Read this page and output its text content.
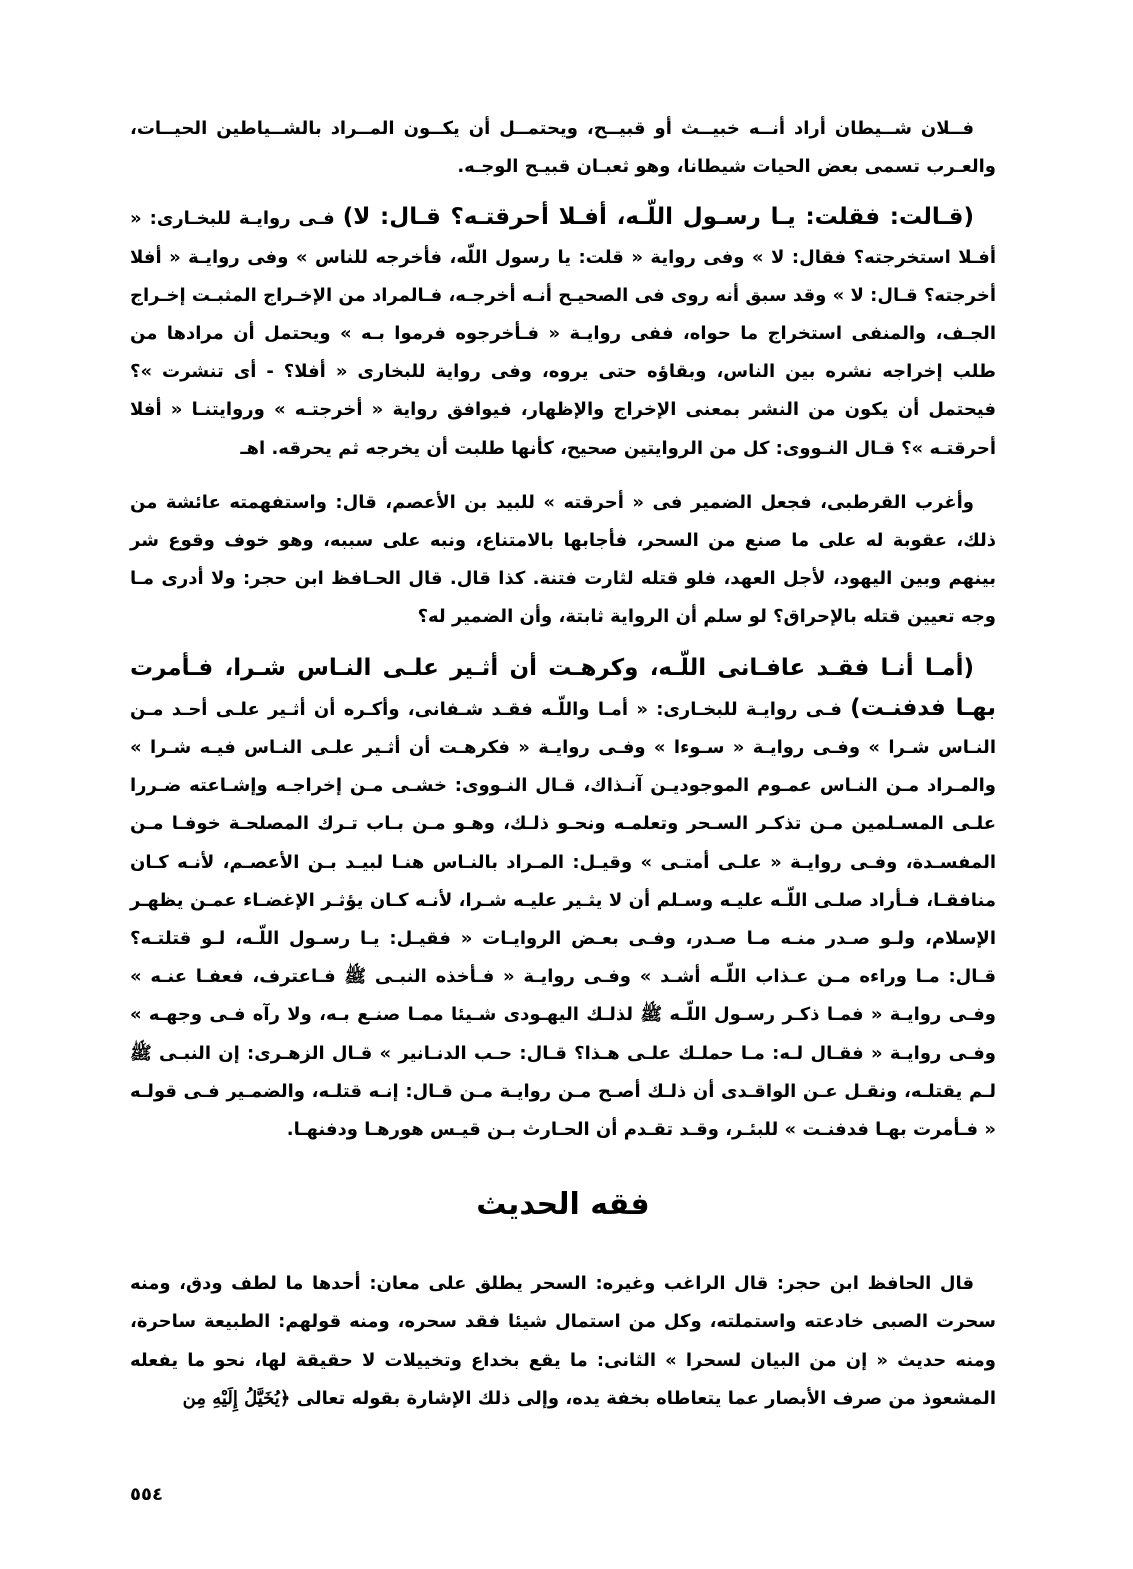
فــلان شــيطان أراد أنــه خبيــث أو قبيــح، ويحتمــل أن يكــون المــراد بالشــياطين الحيــات، والعـرب تسمى بعض الحيات شيطانا، وهو ثعبـان قبيـح الوجـه.

(قـالت: فقلت: يـا رسـول اللّـه، أفـلا أحرقتـه؟ قـال: لا) فـى روايـة للبخـارى: « أفـلا استخرجته؟ فقال: لا » وفى رواية « قلت: يا رسول اللّه، فأخرجه للناس » وفى روايـة « أفلا أخرجته؟ قـال: لا » وقد سبق أنه روى فى الصحيـح أنـه أخرجـه، فـالمراد من الإخـراج المثبـت إخـراج الجـف، والمنفى استخراج ما حواه، ففى روايـة « فـأخرجوه فرموا بـه » ويحتمل أن مرادها من طلب إخراجه نشره بين الناس، وبقاؤه حتى يروه، وفى رواية للبخارى « أفلا؟ - أى تنشرت »؟ فيحتمل أن يكون من النشر بمعنى الإخراج والإظهار، فيوافق رواية « أخرجتـه » وروايتنـا « أفلا أحرقتـه »؟ قـال النـووى: كل من الروايتين صحيح، كأنها طلبت أن يخرجه ثم يحرقه. اهـ

وأغرب القرطبى، فجعل الضمير فى « أحرقته » للبيد بن الأعصم، قال: واستفهمته عائشة من ذلك، عقوبة له على ما صنع من السحر، فأجابها بالامتناع، ونبه على سببه، وهو خوف وقوع شر بينهم وبين اليهود، لأجل العهد، فلو قتله لثارت فتنة. كذا قال. قال الحـافظ ابن حجر: ولا أدرى مـا وجه تعيين قتله بالإحراق؟ لو سلم أن الرواية ثابتة، وأن الضمير له؟

(أمـا أنـا فقـد عافـانى اللّـه، وكرهـت أن أثـير علـى النـاس شـرا، فـأمرت بهـا فدفنـت) فـى روايـة للبخـارى: « أمـا واللّـه فقـد شـفانى، وأكـره أن أثـير علـى أحـد مـن النـاس شـرا » وفـى روايـة « سـوءا » وفـى روايـة « فكرهـت أن أثـير علـى النـاس فيـه شـرا » والمـراد مـن النـاس عمـوم الموجوديـن آنـذاك، قـال النـووى: خشـى مـن إخراجـه وإشـاعته ضـررا علـى المسـلمين مـن تذكـر السـحر وتعلمـه ونحـو ذلـك، وهـو مـن بـاب تـرك المصلحـة خوفـا مـن المفسـدة، وفـى روايـة « علـى أمتـى » وقيـل: المـراد بالنـاس هنـا لبيـد بـن الأعصـم، لأنـه كـان منافقـا، فـأراد صلـى اللّـه عليـه وسـلم أن لا يثـير عليـه شـرا، لأنـه كـان يؤثـر الإغضـاء عمـن يظهـر الإسلام، ولـو صـدر منـه مـا صـدر، وفـى بعـض الروايـات « فقيـل: يـا رسـول اللّـه، لـو قتلتـه؟ قـال: مـا وراءه مـن عـذاب اللّـه أشـد » وفـى روايـة « فـأخذه النبـى ﷺ فـاعترف، فعفـا عنـه » وفـى روايـة « فمـا ذكـر رسـول اللّـه ﷺ لذلـك اليهـودى شـيئا ممـا صنـع بـه، ولا رآه فـى وجهـه » وفـى روايـة « فقـال لـه: مـا حملـك علـى هـذا؟ قـال: حـب الدنـانير » قـال الزهـرى: إن النبـى ﷺ لـم يقتلـه، ونقـل عـن الواقـدى أن ذلـك أصـح مـن روايـة مـن قـال: إنـه قتلـه، والضمـير فـى قولـه « فـأمرت بهـا فدفنـت » للبئـر، وقـد تقـدم أن الحـارث بـن قيـس هورهـا ودفنهـا.

فقه الحديث

قال الحافظ ابن حجر: قال الراغب وغيره: السحر يطلق على معان: أحدها ما لطف ودق، ومنه سحرت الصبى خادعته واستملته، وكل من استمال شيئا فقد سحره، ومنه قولهم: الطبيعة ساحرة، ومنه حديث « إن من البيان لسحرا » الثانى: ما يقع بخداع وتخييلات لا حقيقة لها، نحو ما يفعله المشعوذ من صرف الأبصار عما يتعاطاه بخفة يده، وإلى ذلك الإشارة بقوله تعالى ﴿يُخَيَّلُ إِلَيْهِ مِن

٥٥٤
